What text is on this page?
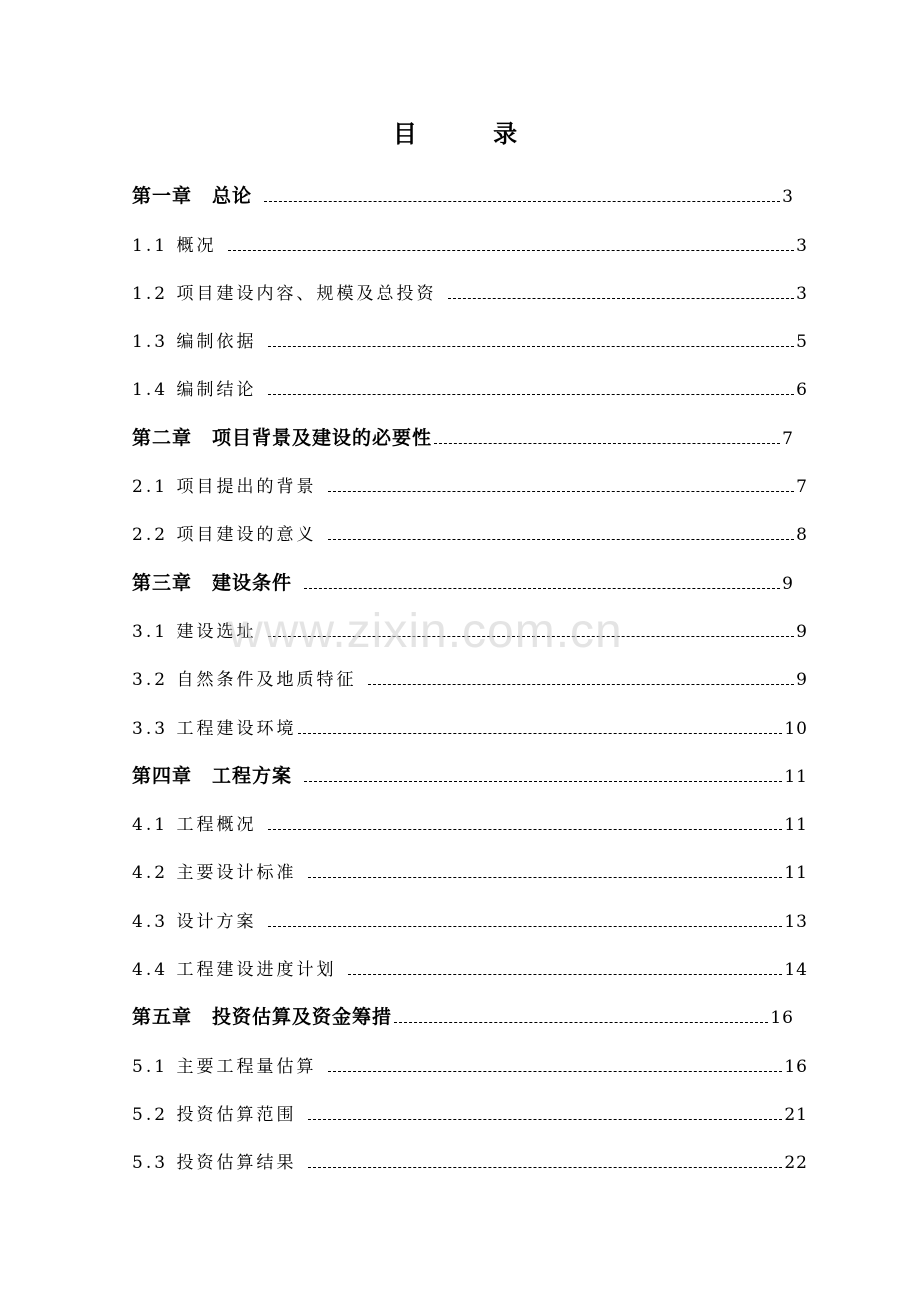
目 录
第一章　总论	3
1.1 概况	3
1.2 项目建设内容、规模及总投资	3
1.3 编制依据	5
1.4 编制结论	6
第二章　项目背景及建设的必要性	7
2.1 项目提出的背景	7
2.2 项目建设的意义	8
第三章　建设条件	9
3.1 建设选址	9
3.2 自然条件及地质特征	9
3.3 工程建设环境	10
第四章　工程方案	11
4.1 工程概况	11
4.2 主要设计标准	11
4.3 设计方案	13
4.4 工程建设进度计划	14
第五章　投资估算及资金筹措	16
5.1 主要工程量估算	16
5.2 投资估算范围	21
5.3 投资估算结果	22
www.zixin.com.cn
